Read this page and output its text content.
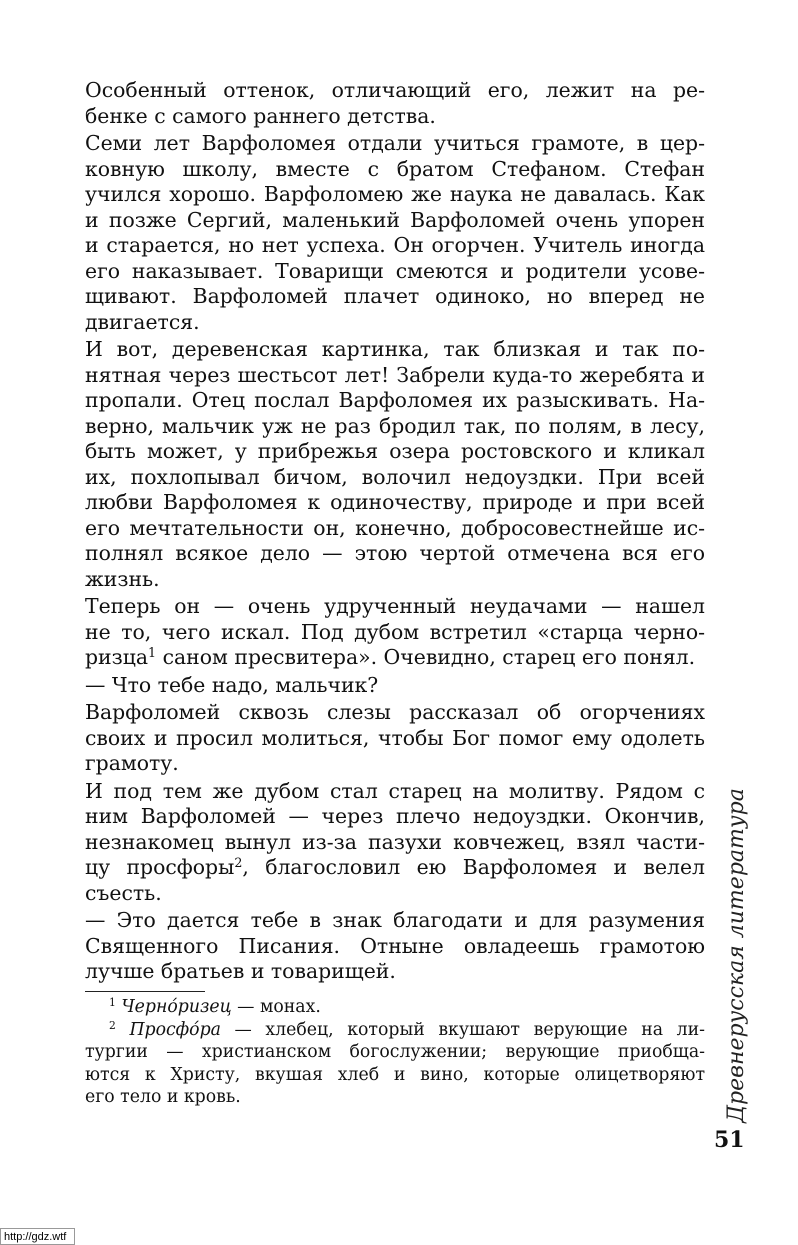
Особенный оттенок, отличающий его, лежит на ре-
бенке с самого раннего детства.

Семи лет Варфоломея отдали учиться грамоте, в цер-
ковную школу, вместе с братом Стефаном. Стефан
учился хорошо. Варфоломею же наука не давалась. Как
и позже Сергий, маленький Варфоломей очень упорен
и старается, но нет успеха. Он огорчен. Учитель иногда
его наказывает. Товарищи смеются и родители усове-
щивают. Варфоломей плачет одиноко, но вперед не
двигается.

И вот, деревенская картинка, так близкая и так по-
нятная через шестьсот лет! Забрели куда-то жеребята и
пропали. Отец послал Варфоломея их разыскивать. На-
верно, мальчик уж не раз бродил так, по полям, в лесу,
быть может, у прибрежья озера ростовского и кликал
их, похлопывал бичом, волочил недоуздки. При всей
любви Варфоломея к одиночеству, природе и при всей
его мечтательности он, конечно, добросовестнейше ис-
полнял всякое дело — этою чертой отмечена вся его
жизнь.

Теперь он — очень удрученный неудачами — нашел
не то, чего искал. Под дубом встретил «старца черно-
ризца$^1$ саном пресвитера». Очевидно, старец его понял.

— Что тебе надо, мальчик?

Варфоломей сквозь слезы рассказал об огорчениях
своих и просил молиться, чтобы Бог помог ему одолеть
грамоту.

И под тем же дубом стал старец на молитву. Рядом с
ним Варфоломей — через плечо недоуздки. Окончив,
незнакомец вынул из-за пазухи ковчежец, взял части-
цу просфоры$^2$, благословил ею Варфоломея и велел
съесть.

— Это дается тебе в знак благодати и для разумения
Священного Писания. Отныне овладеешь грамотою
лучше братьев и товарищей.

$^1$ Черно́ризец — монах.
$^2$ Просфо́ра — хлебец, который вкушают верующие на ли-
тургии — христианском богослужении; верующие приобща-
ются к Христу, вкушая хлеб и вино, которые олицетворяют
его тело и кровь.	Древнерусская литература
51
http://gdz.wtf
